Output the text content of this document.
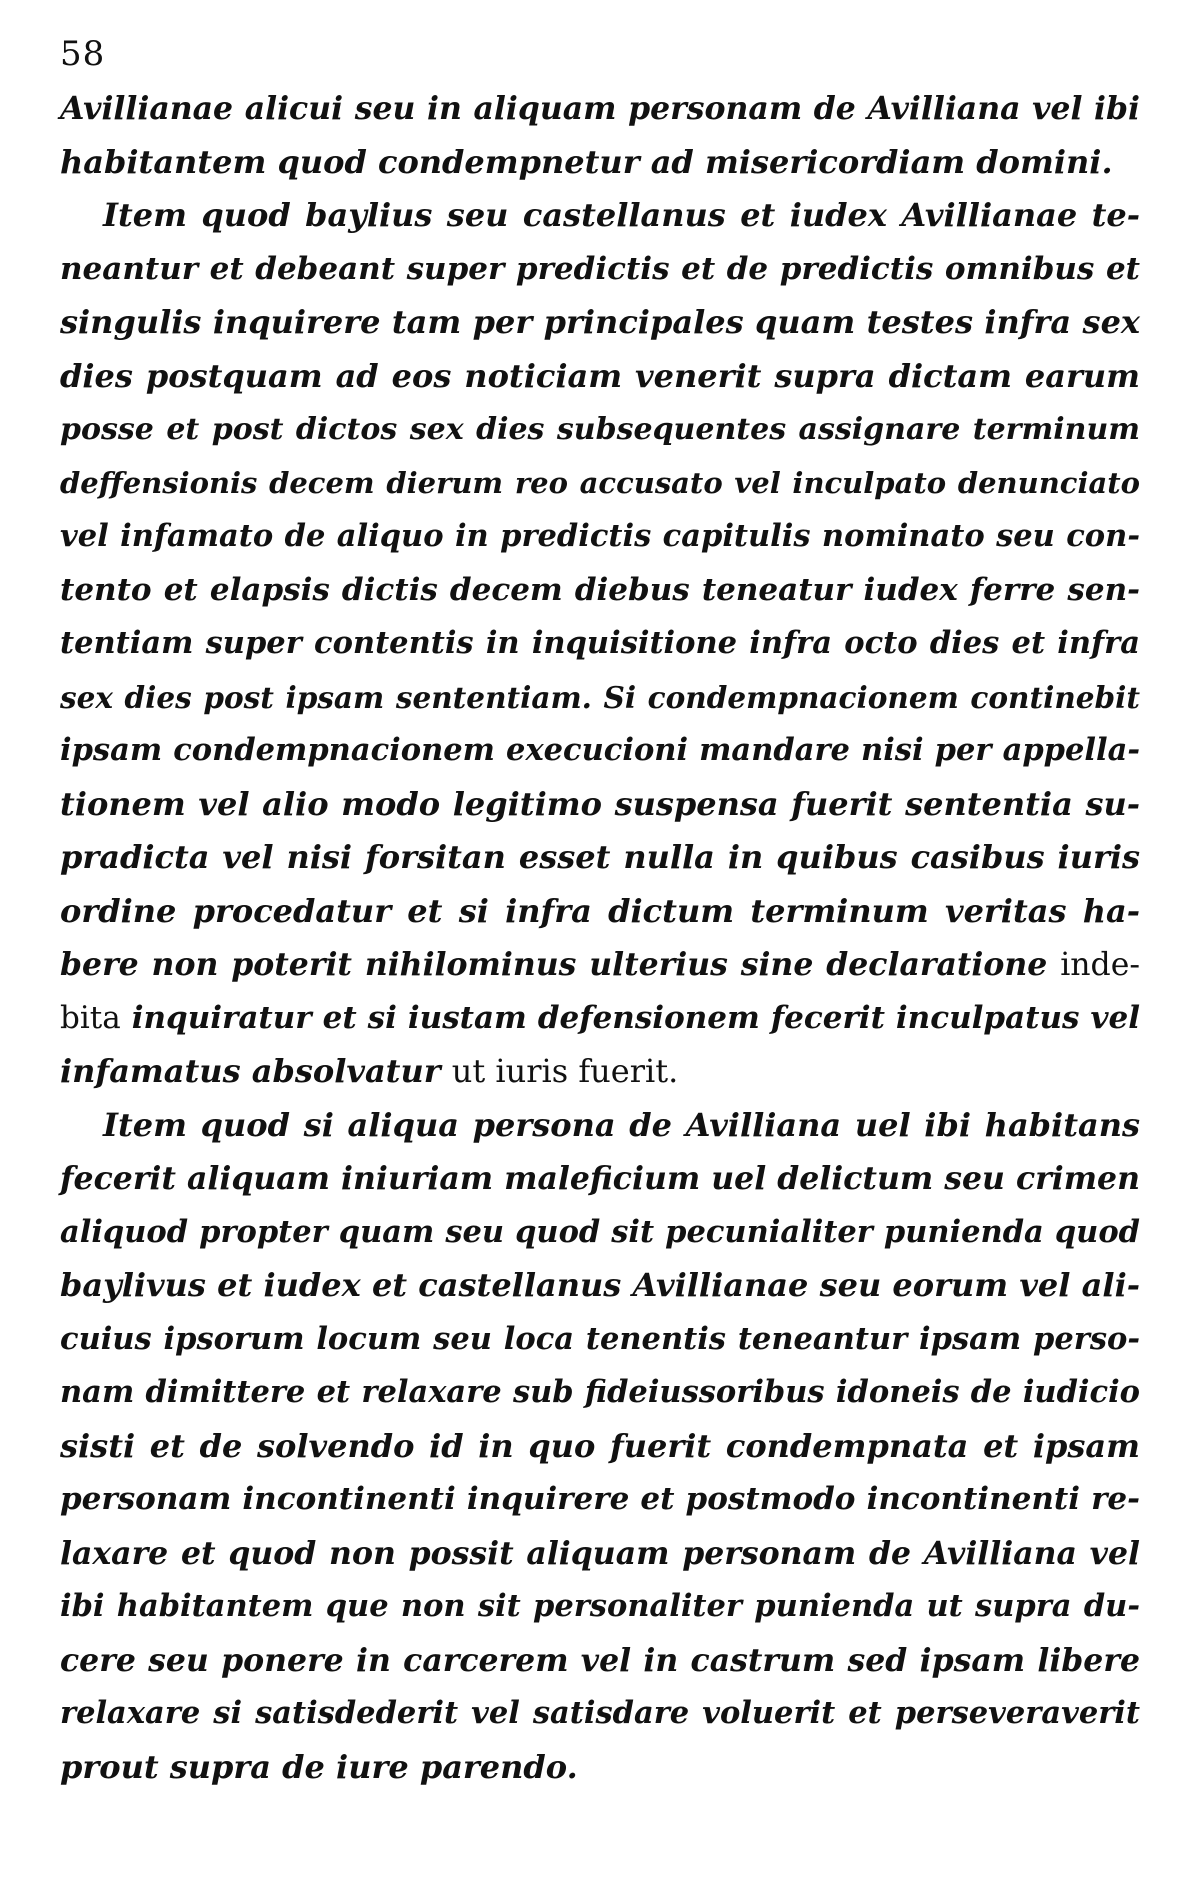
58
Avillianae alicui seu in aliquam personam de Avilliana vel ibi
habitantem quod condempnetur ad misericordiam domini.
Item quod baylius seu castellanus et iudex Avillianae te-
neantur et debeant super predictis et de predictis omnibus et
singulis inquirere tam per principales quam testes infra sex
dies postquam ad eos noticiam venerit supra dictam earum
posse et post dictos sex dies subsequentes assignare terminum
deffensionis decem dierum reo accusato vel inculpato denunciato
vel infamato de aliquo in predictis capitulis nominato seu con-
tento et elapsis dictis decem diebus teneatur iudex ferre sen-
tentiam super contentis in inquisitione infra octo dies et infra
sex dies post ipsam sententiam. Si condempnacionem continebit
ipsam condempnacionem execucioni mandare nisi per appella-
tionem vel alio modo legitimo suspensa fuerit sententia su-
pradicta vel nisi forsitan esset nulla in quibus casibus iuris
ordine procedatur et si infra dictum terminum veritas ha-
bere non poterit nihilominus ulterius sine declaratione inde-
bita inquiratur et si iustam defensionem fecerit inculpatus vel
infamatus absolvatur ut iuris fuerit.
Item quod si aliqua persona de Avilliana uel ibi habitans
fecerit aliquam iniuriam maleficium uel delictum seu crimen
aliquod propter quam seu quod sit pecunialiter punienda quod
baylivus et iudex et castellanus Avillianae seu eorum vel ali-
cuius ipsorum locum seu loca tenentis teneantur ipsam perso-
nam dimittere et relaxare sub fideiussoribus idoneis de iudicio
sisti et de solvendo id in quo fuerit condempnata et ipsam
personam incontinenti inquirere et postmodo incontinenti re-
laxare et quod non possit aliquam personam de Avilliana vel
ibi habitantem que non sit personaliter punienda ut supra du-
cere seu ponere in carcerem vel in castrum sed ipsam libere
relaxare si satisdederit vel satisdare voluerit et perseveraverit
prout supra de iure parendo.
